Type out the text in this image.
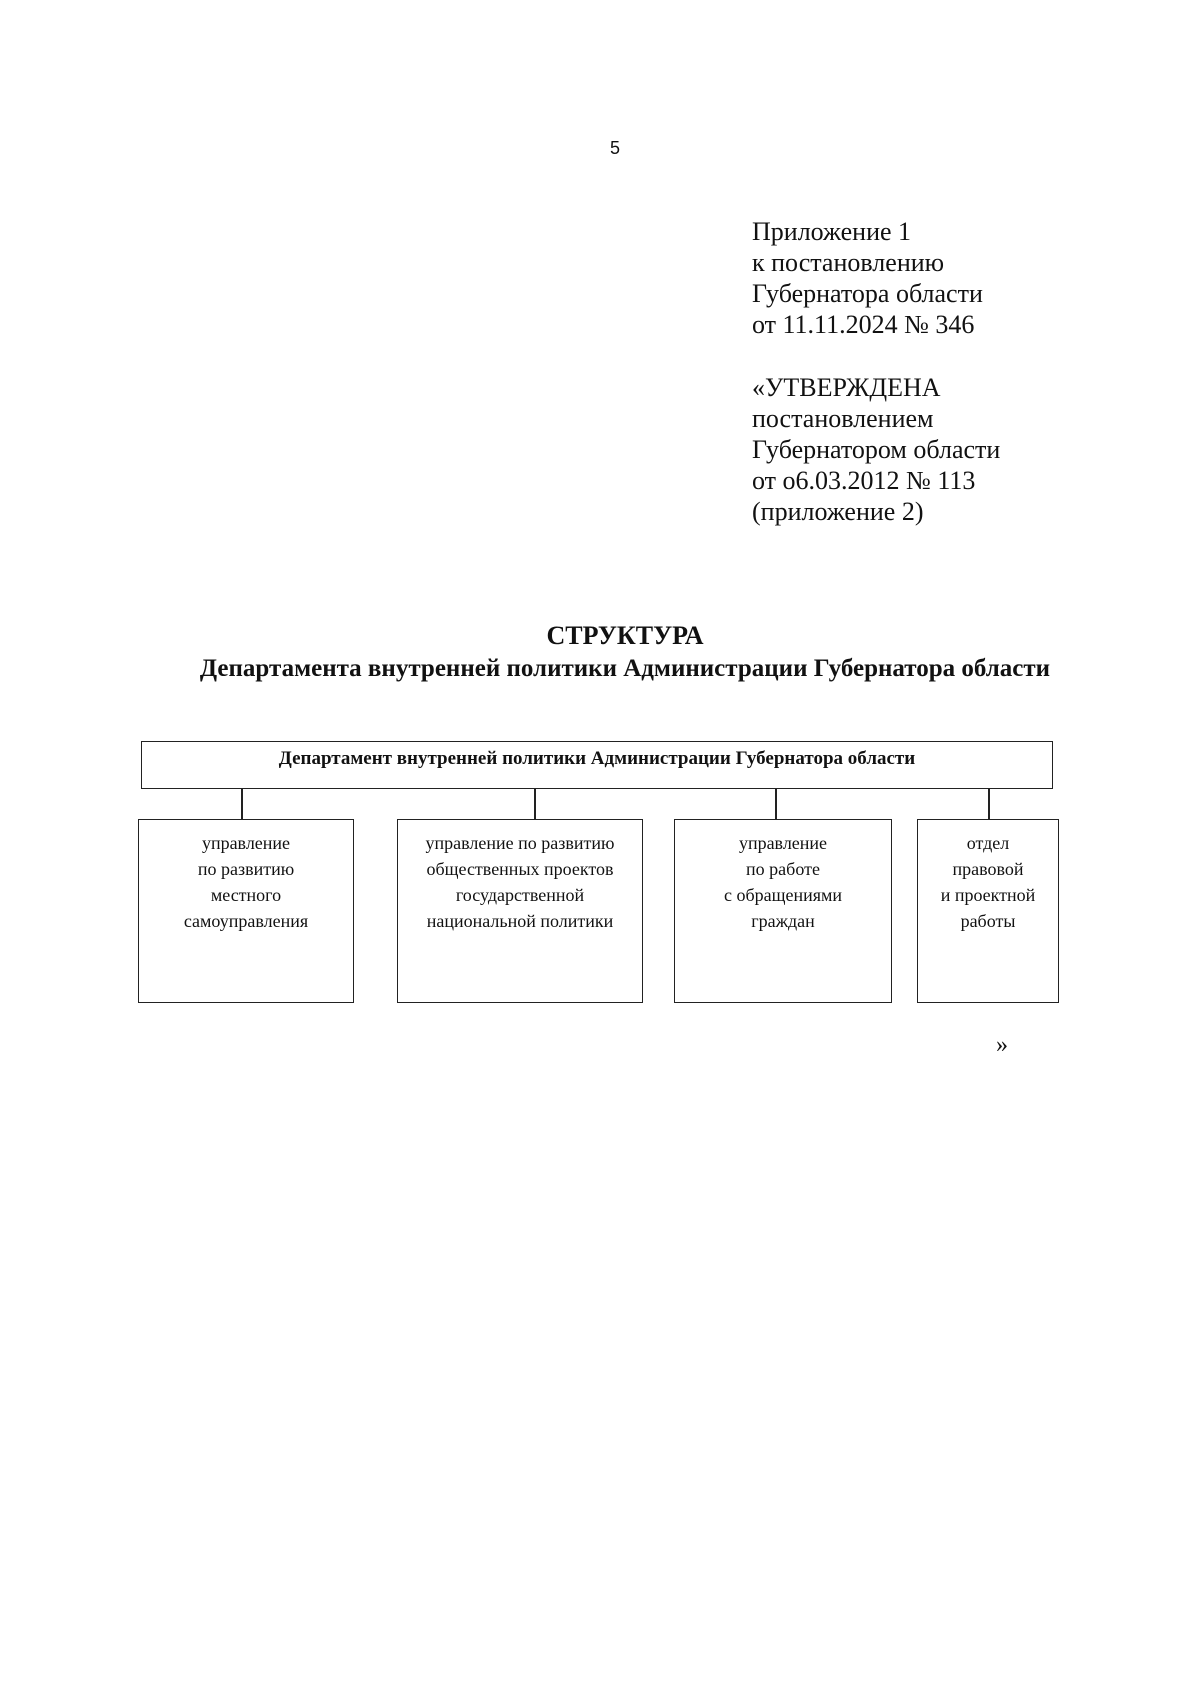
5
Приложение 1
к постановлению
Губернатора области
от 11.11.2024 № 346
«УТВЕРЖДЕНА
постановлением
Губернатором области
от о6.03.2012 № 113
(приложение 2)
СТРУКТУРА
Департамента внутренней политики Администрации Губернатора области
Департамент внутренней политики Администрации Губернатора области
управление
по развитию
местного
самоуправления
управление по развитию
общественных проектов
государственной
национальной политики
управление
по работе
с обращениями
граждан
отдел
правовой
и проектной
работы
»
